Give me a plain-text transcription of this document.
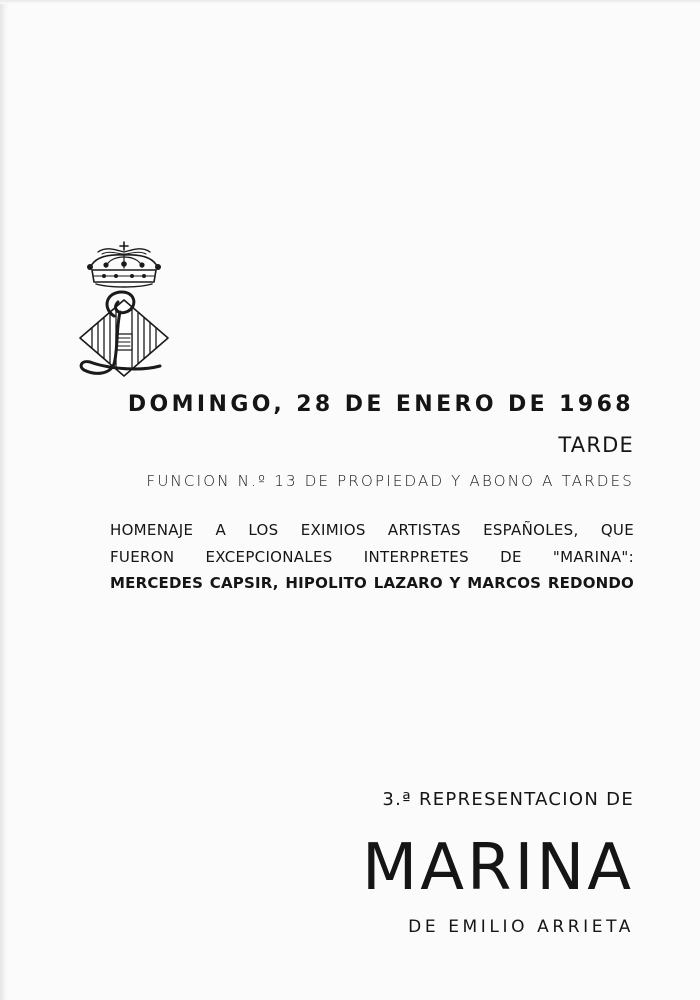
DOMINGO, 28 DE ENERO DE 1968
TARDE
FUNCION N.º 13 DE PROPIEDAD Y ABONO A TARDES
HOMENAJE A LOS EXIMIOS ARTISTAS ESPAÑOLES, QUE
FUERON EXCEPCIONALES INTERPRETES DE "MARINA":
MERCEDES CAPSIR, HIPOLITO LAZARO Y MARCOS REDONDO
3.ª REPRESENTACION DE
MARINA
DE EMILIO ARRIETA
